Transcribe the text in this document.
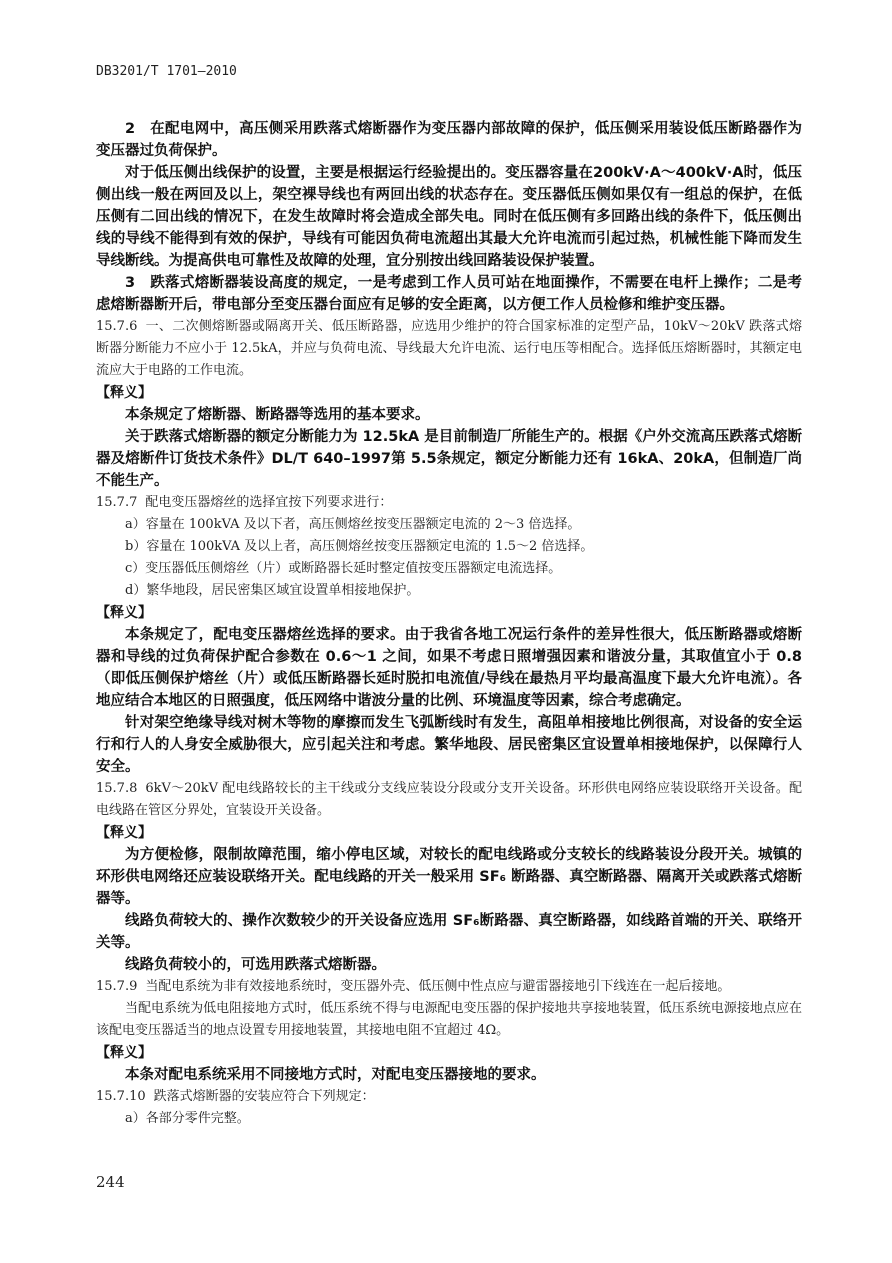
DB3201/T 1701—2010

2　在配电网中，高压侧采用跌落式熔断器作为变压器内部故障的保护，低压侧采用装设低压断路器作为变压器过负荷保护。

对于低压侧出线保护的设置，主要是根据运行经验提出的。变压器容量在200kV·A～400kV·A时，低压侧出线一般在两回及以上，架空裸导线也有两回出线的状态存在。变压器低压侧如果仅有一组总的保护，在低压侧有二回出线的情况下，在发生故障时将会造成全部失电。同时在低压侧有多回路出线的条件下，低压侧出线的导线不能得到有效的保护，导线有可能因负荷电流超出其最大允许电流而引起过热，机械性能下降而发生导线断线。为提高供电可靠性及故障的处理，宜分别按出线回路装设保护装置。

3　跌落式熔断器装设高度的规定，一是考虑到工作人员可站在地面操作，不需要在电杆上操作；二是考虑熔断器断开后，带电部分至变压器台面应有足够的安全距离，以方便工作人员检修和维护变压器。

15.7.6 一、二次侧熔断器或隔离开关、低压断路器，应选用少维护的符合国家标准的定型产品，10kV～20kV 跌落式熔断器分断能力不应小于 12.5kA，并应与负荷电流、导线最大允许电流、运行电压等相配合。选择低压熔断器时，其额定电流应大于电路的工作电流。

【释义】

本条规定了熔断器、断路器等选用的基本要求。

关于跌落式熔断器的额定分断能力为 12.5kA 是目前制造厂所能生产的。根据《户外交流高压跌落式熔断器及熔断件订货技术条件》DL/T 640–1997第 5.5条规定，额定分断能力还有 16kA、20kA，但制造厂尚不能生产。

15.7.7 配电变压器熔丝的选择宜按下列要求进行：

a）容量在 100kVA 及以下者，高压侧熔丝按变压器额定电流的 2～3 倍选择。

b）容量在 100kVA 及以上者，高压侧熔丝按变压器额定电流的 1.5～2 倍选择。

c）变压器低压侧熔丝（片）或断路器长延时整定值按变压器额定电流选择。

d）繁华地段，居民密集区域宜设置单相接地保护。

【释义】

本条规定了，配电变压器熔丝选择的要求。由于我省各地工况运行条件的差异性很大，低压断路器或熔断器和导线的过负荷保护配合参数在 0.6～1 之间，如果不考虑日照增强因素和谐波分量，其取值宜小于 0.8（即低压侧保护熔丝（片）或低压断路器长延时脱扣电流值/导线在最热月平均最高温度下最大允许电流）。各地应结合本地区的日照强度，低压网络中谐波分量的比例、环境温度等因素，综合考虑确定。

针对架空绝缘导线对树木等物的摩擦而发生飞弧断线时有发生，高阻单相接地比例很高，对设备的安全运行和行人的人身安全威胁很大，应引起关注和考虑。繁华地段、居民密集区宜设置单相接地保护，以保障行人安全。

15.7.8 6kV～20kV 配电线路较长的主干线或分支线应装设分段或分支开关设备。环形供电网络应装设联络开关设备。配电线路在管区分界处，宜装设开关设备。

【释义】

为方便检修，限制故障范围，缩小停电区域，对较长的配电线路或分支较长的线路装设分段开关。城镇的环形供电网络还应装设联络开关。配电线路的开关一般采用 SF₆ 断路器、真空断路器、隔离开关或跌落式熔断器等。

线路负荷较大的、操作次数较少的开关设备应选用 SF₆断路器、真空断路器，如线路首端的开关、联络开关等。

线路负荷较小的，可选用跌落式熔断器。

15.7.9 当配电系统为非有效接地系统时，变压器外壳、低压侧中性点应与避雷器接地引下线连在一起后接地。

当配电系统为低电阻接地方式时，低压系统不得与电源配电变压器的保护接地共享接地装置，低压系统电源接地点应在该配电变压器适当的地点设置专用接地装置，其接地电阻不宜超过 4Ω。

【释义】

本条对配电系统采用不同接地方式时，对配电变压器接地的要求。

15.7.10 跌落式熔断器的安装应符合下列规定：

a）各部分零件完整。

244
